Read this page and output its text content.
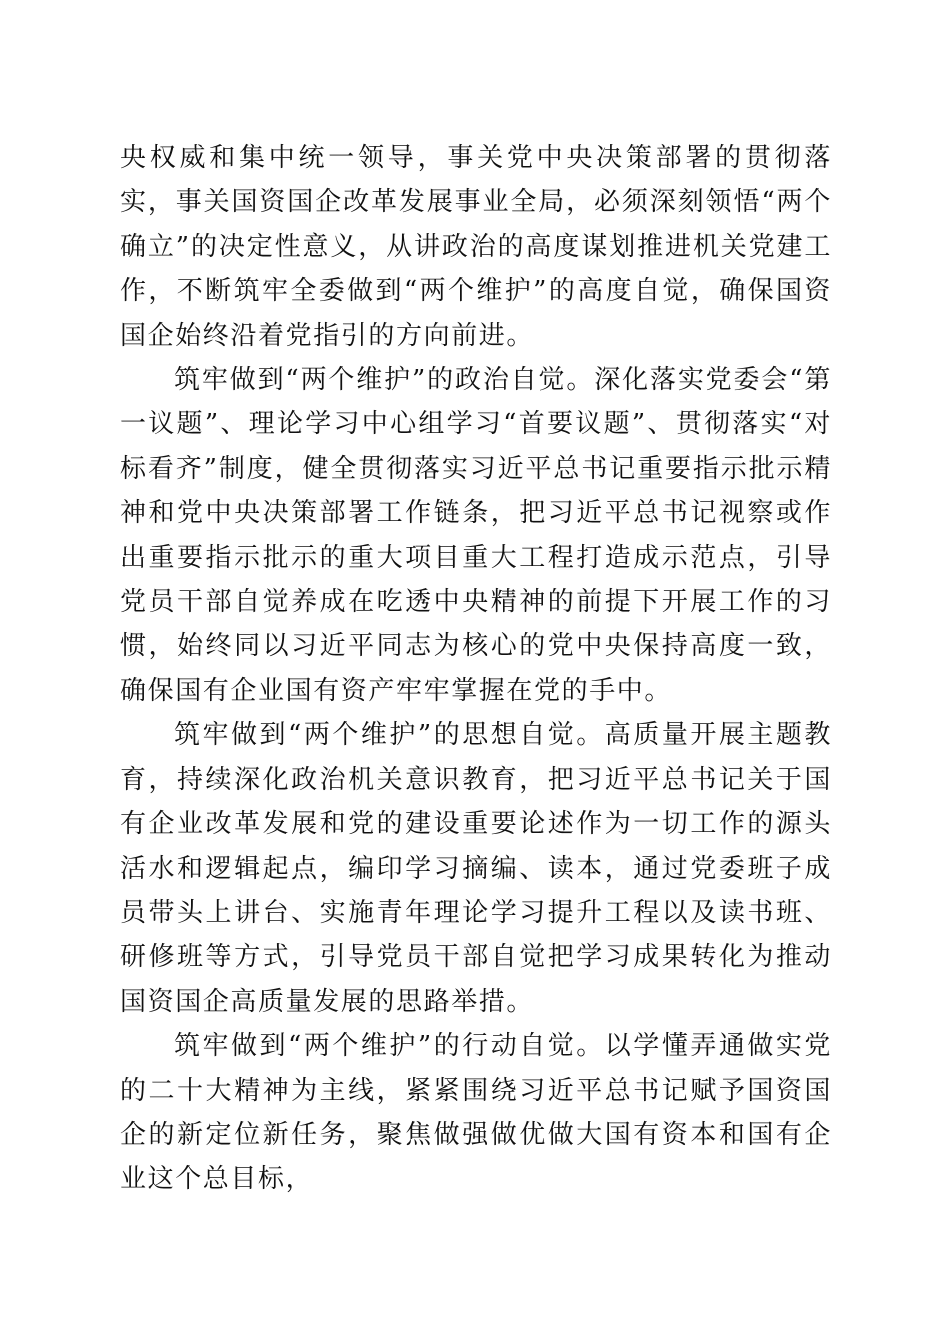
央权威和集中统一领导，事关党中央决策部署的贯彻落实，事关国资国企改革发展事业全局，必须深刻领悟“两个确立”的决定性意义，从讲政治的高度谋划推进机关党建工作，不断筑牢全委做到“两个维护”的高度自觉，确保国资国企始终沿着党指引的方向前进。

筑牢做到“两个维护”的政治自觉。深化落实党委会“第一议题”、理论学习中心组学习“首要议题”、贯彻落实“对标看齐”制度，健全贯彻落实习近平总书记重要指示批示精神和党中央决策部署工作链条，把习近平总书记视察或作出重要指示批示的重大项目重大工程打造成示范点，引导党员干部自觉养成在吃透中央精神的前提下开展工作的习惯，始终同以习近平同志为核心的党中央保持高度一致，确保国有企业国有资产牢牢掌握在党的手中。

筑牢做到“两个维护”的思想自觉。高质量开展主题教育，持续深化政治机关意识教育，把习近平总书记关于国有企业改革发展和党的建设重要论述作为一切工作的源头活水和逻辑起点，编印学习摘编、读本，通过党委班子成员带头上讲台、实施青年理论学习提升工程以及读书班、研修班等方式，引导党员干部自觉把学习成果转化为推动国资国企高质量发展的思路举措。

筑牢做到“两个维护”的行动自觉。以学懂弄通做实党的二十大精神为主线，紧紧围绕习近平总书记赋予国资国企的新定位新任务，聚焦做强做优做大国有资本和国有企业这个总目标，
